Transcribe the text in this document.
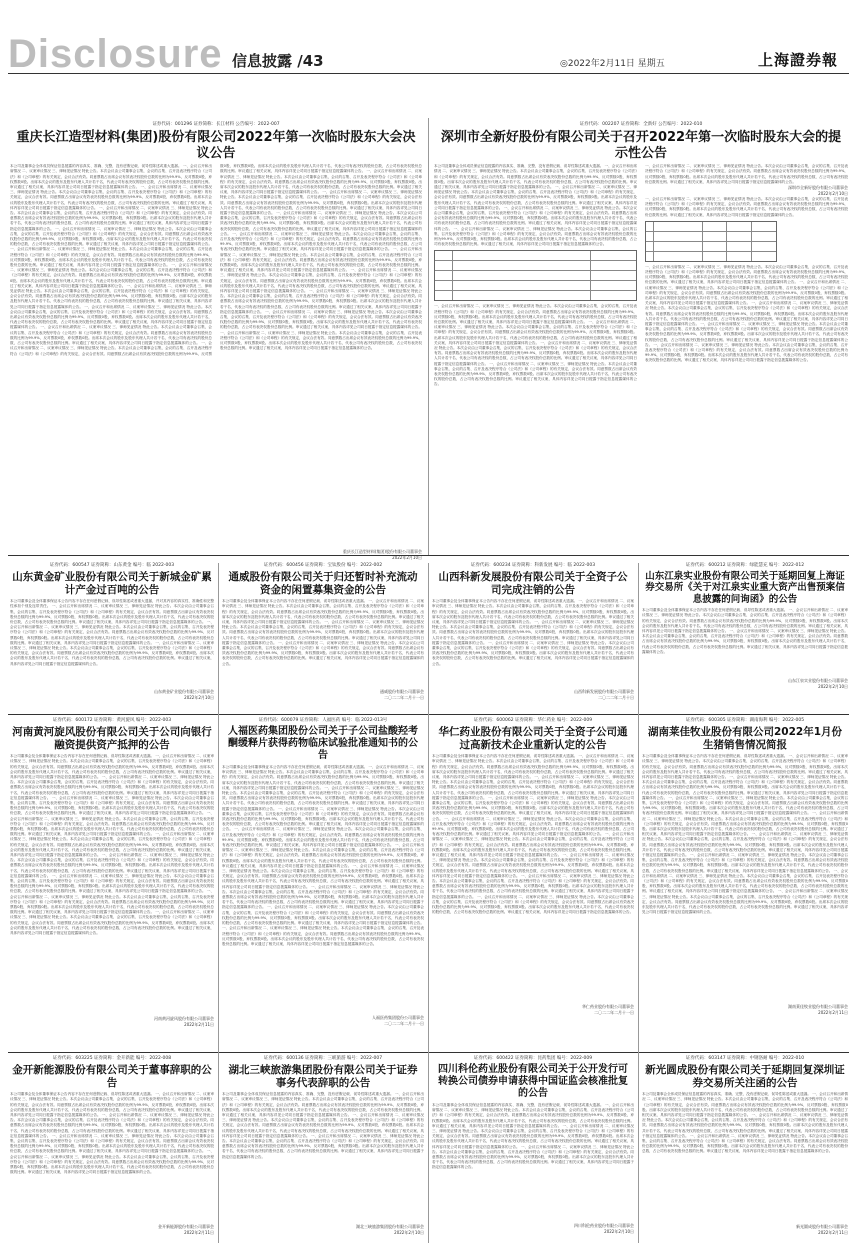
Disclosure 信息披露 /43	◎2022年2月11日 星期五	上海證券報
证券代码：001296 证券简称：长江材料 公告编号：2022-007
重庆长江造型材料(集团)股份有限公司2022年第一次临时股东大会决议公告
本公司及董事会全体成员保证信息披露的内容真实、准确、完整，没有虚假记载、误导性陈述或重大遗漏。 一、会议召开和出席情况 二、议案审议情况 三、律师见证情况 特此公告。本次会议由公司董事会召集，会议的召集、召开及表决程序符合《公司法》和《公司章程》的有关规定，会议合法有效。同意票数占出席会议有效表决权股份总数的比例为99.9%，反对票数0股，弃权票数0股。出席本次会议的股东及股东代理人共计若干名，代表公司有表决权的股份总数，占公司有表决权股份总数的比例。审议通过了相关议案，具体内容详见公司同日披露于指定信息披露媒体的公告。 一、会议召开和出席情况 二、议案审议情况 三、律师见证情况 特此公告。本次会议由公司董事会召集，会议的召集、召开及表决程序符合《公司法》和《公司章程》的有关规定，会议合法有效。同意票数占出席会议有效表决权股份总数的比例为99.9%，反对票数0股，弃权票数0股。出席本次会议的股东及股东代理人共计若干名，代表公司有表决权的股份总数，占公司有表决权股份总数的比例。审议通过了相关议案，具体内容详见公司同日披露于指定信息披露媒体的公告。 一、会议召开和出席情况 二、议案审议情况 三、律师见证情况 特此公告。本次会议由公司董事会召集，会议的召集、召开及表决程序符合《公司法》和《公司章程》的有关规定，会议合法有效。同意票数占出席会议有效表决权股份总数的比例为99.9%，反对票数0股，弃权票数0股。出席本次会议的股东及股东代理人共计若干名，代表公司有表决权的股份总数，占公司有表决权股份总数的比例。审议通过了相关议案，具体内容详见公司同日披露于指定信息披露媒体的公告。 一、会议召开和出席情况 二、议案审议情况 三、律师见证情况 特此公告。本次会议由公司董事会召集，会议的召集、召开及表决程序符合《公司法》和《公司章程》的有关规定，会议合法有效。同意票数占出席会议有效表决权股份总数的比例为99.9%，反对票数0股，弃权票数0股。出席本次会议的股东及股东代理人共计若干名，代表公司有表决权的股份总数，占公司有表决权股份总数的比例。审议通过了相关议案，具体内容详见公司同日披露于指定信息披露媒体的公告。 一、会议召开和出席情况 二、议案审议情况 三、律师见证情况 特此公告。本次会议由公司董事会召集，会议的召集、召开及表决程序符合《公司法》和《公司章程》的有关规定，会议合法有效。同意票数占出席会议有效表决权股份总数的比例为99.9%，反对票数0股，弃权票数0股。出席本次会议的股东及股东代理人共计若干名，代表公司有表决权的股份总数，占公司有表决权股份总数的比例。审议通过了相关议案，具体内容详见公司同日披露于指定信息披露媒体的公告。 一、会议召开和出席情况 二、议案审议情况 三、律师见证情况 特此公告。本次会议由公司董事会召集，会议的召集、召开及表决程序符合《公司法》和《公司章程》的有关规定，会议合法有效。同意票数占出席会议有效表决权股份总数的比例为99.9%，反对票数0股，弃权票数0股。出席本次会议的股东及股东代理人共计若干名，代表公司有表决权的股份总数，占公司有表决权股份总数的比例。审议通过了相关议案，具体内容详见公司同日披露于指定信息披露媒体的公告。 一、会议召开和出席情况 二、议案审议情况 三、律师见证情况 特此公告。本次会议由公司董事会召集，会议的召集、召开及表决程序符合《公司法》和《公司章程》的有关规定，会议合法有效。同意票数占出席会议有效表决权股份总数的比例为99.9%，反对票数0股，弃权票数0股。出席本次会议的股东及股东代理人共计若干名，代表公司有表决权的股份总数，占公司有表决权股份总数的比例。审议通过了相关议案，具体内容详见公司同日披露于指定信息披露媒体的公告。 一、会议召开和出席情况 二、议案审议情况 三、律师见证情况 特此公告。本次会议由公司董事会召集，会议的召集、召开及表决程序符合《公司法》和《公司章程》的有关规定，会议合法有效。同意票数占出席会议有效表决权股份总数的比例为99.9%，反对票数0股，弃权票数0股。出席本次会议的股东及股东代理人共计若干名，代表公司有表决权的股份总数，占公司有表决权股份总数的比例。审议通过了相关议案，具体内容详见公司同日披露于指定信息披露媒体的公告。 一、会议召开和出席情况 二、议案审议情况 三、律师见证情况 特此公告。本次会议由公司董事会召集，会议的召集、召开及表决程序符合《公司法》和《公司章程》的有关规定，会议合法有效。同意票数占出席会议有效表决权股份总数的比例为99.9%，反对票数0股，弃权票数0股。出席本次会议的股东及股东代理人共计若干名，代表公司有表决权的股份总数，占公司有表决权股份总数的比例。审议通过了相关议案，具体内容详见公司同日披露于指定信息披露媒体的公告。 一、会议召开和出席情况 二、议案审议情况 三、律师见证情况 特此公告。本次会议由公司董事会召集，会议的召集、召开及表决程序符合《公司法》和《公司章程》的有关规定，会议合法有效。同意票数占出席会议有效表决权股份总数的比例为99.9%，反对票数0股，弃权票数0股。出席本次会议的股东及股东代理人共计若干名，代表公司有表决权的股份总数，占公司有表决权股份总数的比例。审议通过了相关议案，具体内容详见公司同日披露于指定信息披露媒体的公告。 一、会议召开和出席情况 二、议案审议情况 三、律师见证情况 特此公告。本次会议由公司董事会召集，会议的召集、召开及表决程序符合《公司法》和《公司章程》的有关规定，会议合法有效。同意票数占出席会议有效表决权股份总数的比例为99.9%，反对票数0股，弃权票数0股。出席本次会议的股东及股东代理人共计若干名，代表公司有表决权的股份总数，占公司有表决权股份总数的比例。审议通过了相关议案，具体内容详见公司同日披露于指定信息披露媒体的公告。 一、会议召开和出席情况 二、议案审议情况 三、律师见证情况 特此公告。本次会议由公司董事会召集，会议的召集、召开及表决程序符合《公司法》和《公司章程》的有关规定，会议合法有效。同意票数占出席会议有效表决权股份总数的比例为99.9%，反对票数0股，弃权票数0股。出席本次会议的股东及股东代理人共计若干名，代表公司有表决权的股份总数，占公司有表决权股份总数的比例。审议通过了相关议案，具体内容详见公司同日披露于指定信息披露媒体的公告。 一、会议召开和出席情况 二、议案审议情况 三、律师见证情况 特此公告。本次会议由公司董事会召集，会议的召集、召开及表决程序符合《公司法》和《公司章程》的有关规定，会议合法有效。同意票数占出席会议有效表决权股份总数的比例为99.9%，反对票数0股，弃权票数0股。出席本次会议的股东及股东代理人共计若干名，代表公司有表决权的股份总数，占公司有表决权股份总数的比例。审议通过了相关议案，具体内容详见公司同日披露于指定信息披露媒体的公告。 一、会议召开和出席情况 二、议案审议情况 三、律师见证情况 特此公告。本次会议由公司董事会召集，会议的召集、召开及表决程序符合《公司法》和《公司章程》的有关规定，会议合法有效。同意票数占出席会议有效表决权股份总数的比例为99.9%，反对票数0股，弃权票数0股。出席本次会议的股东及股东代理人共计若干名，代表公司有表决权的股份总数，占公司有表决权股份总数的比例。审议通过了相关议案，具体内容详见公司同日披露于指定信息披露媒体的公告。 一、会议召开和出席情况 二、议案审议情况 三、律师见证情况 特此公告。本次会议由公司董事会召集，会议的召集、召开及表决程序符合《公司法》和《公司章程》的有关规定，会议合法有效。同意票数占出席会议有效表决权股份总数的比例为99.9%，反对票数0股，弃权票数0股。出席本次会议的股东及股东代理人共计若干名，代表公司有表决权的股份总数，占公司有表决权股份总数的比例。审议通过了相关议案，具体内容详见公司同日披露于指定信息披露媒体的公告。 一、会议召开和出席情况 二、议案审议情况 三、律师见证情况 特此公告。本次会议由公司董事会召集，会议的召集、召开及表决程序符合《公司法》和《公司章程》的有关规定，会议合法有效。同意票数占出席会议有效表决权股份总数的比例为99.9%，反对票数0股，弃权票数0股。出席本次会议的股东及股东代理人共计若干名，代表公司有表决权的股份总数，占公司有表决权股份总数的比例。审议通过了相关议案，具体内容详见公司同日披露于指定信息披露媒体的公告。 一、会议召开和出席情况 二、议案审议情况 三、律师见证情况 特此公告。本次会议由公司董事会召集，会议的召集、召开及表决程序符合《公司法》和《公司章程》的有关规定，会议合法有效。同意票数占出席会议有效表决权股份总数的比例为99.9%，反对票数0股，弃权票数0股。出席本次会议的股东及股东代理人共计若干名，代表公司有表决权的股份总数，占公司有表决权股份总数的比例。审议通过了相关议案，具体内容详见公司同日披露于指定信息披露媒体的公告。 一、会议召开和出席情况 二、议案审议情况 三、律师见证情况 特此公告。本次会议由公司董事会召集，会议的召集、召开及表决程序符合《公司法》和《公司章程》的有关规定，会议合法有效。同意票数占出席会议有效表决权股份总数的比例为99.9%，反对票数0股，弃权票数0股。出席本次会议的股东及股东代理人共计若干名，代表公司有表决权的股份总数，占公司有表决权股份总数的比例。审议通过了相关议案，具体内容详见公司同日披露于指定信息披露媒体的公告。 一、会议召开和出席情况 二、议案审议情况 三、律师见证情况 特此公告。本次会议由公司董事会召集，会议的召集、召开及表决程序符合《公司法》和《公司章程》的有关规定，会议合法有效。同意票数占出席会议有效表决权股份总数的比例为99.9%，反对票数0股，弃权票数0股。出席本次会议的股东及股东代理人共计若干名，代表公司有表决权的股份总数，占公司有表决权股份总数的比例。审议通过了相关议案，具体内容详见公司同日披露于指定信息披露媒体的公告。
重庆长江造型材料(集团)股份有限公司董事会
2022年2月10日
证券代码：002207 证券简称：全新好 公告编号：2022-010
深圳市全新好股份有限公司关于召开2022年第一次临时股东大会的提示性公告
本公司及董事会全体成员保证信息披露的内容真实、准确、完整，没有虚假记载、误导性陈述或重大遗漏。 一、会议召开和出席情况 二、议案审议情况 三、律师见证情况 特此公告。本次会议由公司董事会召集，会议的召集、召开及表决程序符合《公司法》和《公司章程》的有关规定，会议合法有效。同意票数占出席会议有效表决权股份总数的比例为99.9%，反对票数0股，弃权票数0股。出席本次会议的股东及股东代理人共计若干名，代表公司有表决权的股份总数，占公司有表决权股份总数的比例。审议通过了相关议案，具体内容详见公司同日披露于指定信息披露媒体的公告。 一、会议召开和出席情况 二、议案审议情况 三、律师见证情况 特此公告。本次会议由公司董事会召集，会议的召集、召开及表决程序符合《公司法》和《公司章程》的有关规定，会议合法有效。同意票数占出席会议有效表决权股份总数的比例为99.9%，反对票数0股，弃权票数0股。出席本次会议的股东及股东代理人共计若干名，代表公司有表决权的股份总数，占公司有表决权股份总数的比例。审议通过了相关议案，具体内容详见公司同日披露于指定信息披露媒体的公告。 一、会议召开和出席情况 二、议案审议情况 三、律师见证情况 特此公告。本次会议由公司董事会召集，会议的召集、召开及表决程序符合《公司法》和《公司章程》的有关规定，会议合法有效。同意票数占出席会议有效表决权股份总数的比例为99.9%，反对票数0股，弃权票数0股。出席本次会议的股东及股东代理人共计若干名，代表公司有表决权的股份总数，占公司有表决权股份总数的比例。审议通过了相关议案，具体内容详见公司同日披露于指定信息披露媒体的公告。 一、会议召开和出席情况 二、议案审议情况 三、律师见证情况 特此公告。本次会议由公司董事会召集，会议的召集、召开及表决程序符合《公司法》和《公司章程》的有关规定，会议合法有效。同意票数占出席会议有效表决权股份总数的比例为99.9%，反对票数0股，弃权票数0股。出席本次会议的股东及股东代理人共计若干名，代表公司有表决权的股份总数，占公司有表决权股份总数的比例。审议通过了相关议案，具体内容详见公司同日披露于指定信息披露媒体的公告。
一、会议召开和出席情况 二、议案审议情况 三、律师见证情况 特此公告。本次会议由公司董事会召集，会议的召集、召开及表决程序符合《公司法》和《公司章程》的有关规定，会议合法有效。同意票数占出席会议有效表决权股份总数的比例为99.9%，反对票数0股，弃权票数0股。出席本次会议的股东及股东代理人共计若干名，代表公司有表决权的股份总数，占公司有表决权股份总数的比例。审议通过了相关议案，具体内容详见公司同日披露于指定信息披露媒体的公告。 一、会议召开和出席情况 二、议案审议情况 三、律师见证情况 特此公告。本次会议由公司董事会召集，会议的召集、召开及表决程序符合《公司法》和《公司章程》的有关规定，会议合法有效。同意票数占出席会议有效表决权股份总数的比例为99.9%，反对票数0股，弃权票数0股。出席本次会议的股东及股东代理人共计若干名，代表公司有表决权的股份总数，占公司有表决权股份总数的比例。审议通过了相关议案，具体内容详见公司同日披露于指定信息披露媒体的公告。 一、会议召开和出席情况 二、议案审议情况 三、律师见证情况 特此公告。本次会议由公司董事会召集，会议的召集、召开及表决程序符合《公司法》和《公司章程》的有关规定，会议合法有效。同意票数占出席会议有效表决权股份总数的比例为99.9%，反对票数0股，弃权票数0股。出席本次会议的股东及股东代理人共计若干名，代表公司有表决权的股份总数，占公司有表决权股份总数的比例。审议通过了相关议案，具体内容详见公司同日披露于指定信息披露媒体的公告。 一、会议召开和出席情况 二、议案审议情况 三、律师见证情况 特此公告。本次会议由公司董事会召集，会议的召集、召开及表决程序符合《公司法》和《公司章程》的有关规定，会议合法有效。同意票数占出席会议有效表决权股份总数的比例为99.9%，反对票数0股，弃权票数0股。出席本次会议的股东及股东代理人共计若干名，代表公司有表决权的股份总数，占公司有表决权股份总数的比例。审议通过了相关议案，具体内容详见公司同日披露于指定信息披露媒体的公告。
一、会议召开和出席情况 二、议案审议情况 三、律师见证情况 特此公告。本次会议由公司董事会召集，会议的召集、召开及表决程序符合《公司法》和《公司章程》的有关规定，会议合法有效。同意票数占出席会议有效表决权股份总数的比例为99.9%，反对票数0股，弃权票数0股。出席本次会议的股东及股东代理人共计若干名，代表公司有表决权的股份总数，占公司有表决权股份总数的比例。审议通过了相关议案，具体内容详见公司同日披露于指定信息披露媒体的公告。
深圳市全新好股份有限公司董事会
2022年2月10日
一、会议召开和出席情况 二、议案审议情况 三、律师见证情况 特此公告。本次会议由公司董事会召集，会议的召集、召开及表决程序符合《公司法》和《公司章程》的有关规定，会议合法有效。同意票数占出席会议有效表决权股份总数的比例为99.9%，反对票数0股，弃权票数0股。出席本次会议的股东及股东代理人共计若干名，代表公司有表决权的股份总数，占公司有表决权股份总数的比例。审议通过了相关议案，具体内容详见公司同日披露于指定信息披露媒体的公告。
一、会议召开和出席情况 二、议案审议情况 三、律师见证情况 特此公告。本次会议由公司董事会召集，会议的召集、召开及表决程序符合《公司法》和《公司章程》的有关规定，会议合法有效。同意票数占出席会议有效表决权股份总数的比例为99.9%，反对票数0股，弃权票数0股。出席本次会议的股东及股东代理人共计若干名，代表公司有表决权的股份总数，占公司有表决权股份总数的比例。审议通过了相关议案，具体内容详见公司同日披露于指定信息披露媒体的公告。 一、会议召开和出席情况 二、议案审议情况 三、律师见证情况 特此公告。本次会议由公司董事会召集，会议的召集、召开及表决程序符合《公司法》和《公司章程》的有关规定，会议合法有效。同意票数占出席会议有效表决权股份总数的比例为99.9%，反对票数0股，弃权票数0股。出席本次会议的股东及股东代理人共计若干名，代表公司有表决权的股份总数，占公司有表决权股份总数的比例。审议通过了相关议案，具体内容详见公司同日披露于指定信息披露媒体的公告。 一、会议召开和出席情况 二、议案审议情况 三、律师见证情况 特此公告。本次会议由公司董事会召集，会议的召集、召开及表决程序符合《公司法》和《公司章程》的有关规定，会议合法有效。同意票数占出席会议有效表决权股份总数的比例为99.9%，反对票数0股，弃权票数0股。出席本次会议的股东及股东代理人共计若干名，代表公司有表决权的股份总数，占公司有表决权股份总数的比例。审议通过了相关议案，具体内容详见公司同日披露于指定信息披露媒体的公告。 一、会议召开和出席情况 二、议案审议情况 三、律师见证情况 特此公告。本次会议由公司董事会召集，会议的召集、召开及表决程序符合《公司法》和《公司章程》的有关规定，会议合法有效。同意票数占出席会议有效表决权股份总数的比例为99.9%，反对票数0股，弃权票数0股。出席本次会议的股东及股东代理人共计若干名，代表公司有表决权的股份总数，占公司有表决权股份总数的比例。审议通过了相关议案，具体内容详见公司同日披露于指定信息披露媒体的公告。 一、会议召开和出席情况 二、议案审议情况 三、律师见证情况 特此公告。本次会议由公司董事会召集，会议的召集、召开及表决程序符合《公司法》和《公司章程》的有关规定，会议合法有效。同意票数占出席会议有效表决权股份总数的比例为99.9%，反对票数0股，弃权票数0股。出席本次会议的股东及股东代理人共计若干名，代表公司有表决权的股份总数，占公司有表决权股份总数的比例。审议通过了相关议案，具体内容详见公司同日披露于指定信息披露媒体的公告。
证券代码：600547 证券简称：山东黄金 编号：临 2022-003
山东黄金矿业股份有限公司关于新城金矿累计产金过百吨的公告
本公司董事会及全体董事保证本公告内容不存在任何虚假记载、误导性陈述或者重大遗漏，并对其内容的真实性、准确性和完整性承担个别及连带责任。 一、会议召开和出席情况 二、议案审议情况 三、律师见证情况 特此公告。本次会议由公司董事会召集，会议的召集、召开及表决程序符合《公司法》和《公司章程》的有关规定，会议合法有效。同意票数占出席会议有效表决权股份总数的比例为99.9%，反对票数0股，弃权票数0股。出席本次会议的股东及股东代理人共计若干名，代表公司有表决权的股份总数，占公司有表决权股份总数的比例。审议通过了相关议案，具体内容详见公司同日披露于指定信息披露媒体的公告。 一、会议召开和出席情况 二、议案审议情况 三、律师见证情况 特此公告。本次会议由公司董事会召集，会议的召集、召开及表决程序符合《公司法》和《公司章程》的有关规定，会议合法有效。同意票数占出席会议有效表决权股份总数的比例为99.9%，反对票数0股，弃权票数0股。出席本次会议的股东及股东代理人共计若干名，代表公司有表决权的股份总数，占公司有表决权股份总数的比例。审议通过了相关议案，具体内容详见公司同日披露于指定信息披露媒体的公告。 一、会议召开和出席情况 二、议案审议情况 三、律师见证情况 特此公告。本次会议由公司董事会召集，会议的召集、召开及表决程序符合《公司法》和《公司章程》的有关规定，会议合法有效。同意票数占出席会议有效表决权股份总数的比例为99.9%，反对票数0股，弃权票数0股。出席本次会议的股东及股东代理人共计若干名，代表公司有表决权的股份总数，占公司有表决权股份总数的比例。审议通过了相关议案，具体内容详见公司同日披露于指定信息披露媒体的公告。
山东黄金矿业股份有限公司董事会
2022年2月10日
证券代码：600456 证券简称：宝钛股份 编号：2022-002
通威股份有限公司关于归还暂时补充流动资金的闲置募集资金的公告
本公司董事会及全体董事保证本公告内容不存在任何虚假记载、误导性陈述或者重大遗漏。 一、会议召开和出席情况 二、议案审议情况 三、律师见证情况 特此公告。本次会议由公司董事会召集，会议的召集、召开及表决程序符合《公司法》和《公司章程》的有关规定，会议合法有效。同意票数占出席会议有效表决权股份总数的比例为99.9%，反对票数0股，弃权票数0股。出席本次会议的股东及股东代理人共计若干名，代表公司有表决权的股份总数，占公司有表决权股份总数的比例。审议通过了相关议案，具体内容详见公司同日披露于指定信息披露媒体的公告。 一、会议召开和出席情况 二、议案审议情况 三、律师见证情况 特此公告。本次会议由公司董事会召集，会议的召集、召开及表决程序符合《公司法》和《公司章程》的有关规定，会议合法有效。同意票数占出席会议有效表决权股份总数的比例为99.9%，反对票数0股，弃权票数0股。出席本次会议的股东及股东代理人共计若干名，代表公司有表决权的股份总数，占公司有表决权股份总数的比例。审议通过了相关议案，具体内容详见公司同日披露于指定信息披露媒体的公告。 一、会议召开和出席情况 二、议案审议情况 三、律师见证情况 特此公告。本次会议由公司董事会召集，会议的召集、召开及表决程序符合《公司法》和《公司章程》的有关规定，会议合法有效。同意票数占出席会议有效表决权股份总数的比例为99.9%，反对票数0股，弃权票数0股。出席本次会议的股东及股东代理人共计若干名，代表公司有表决权的股份总数，占公司有表决权股份总数的比例。审议通过了相关议案，具体内容详见公司同日披露于指定信息披露媒体的公告。
通威股份有限公司董事会
二〇二二年二月十一日
证券代码：600234 证券简称：科新发展 编号：临 2022-003
山西科新发展股份有限公司关于全资子公司完成注销的公告
本公司董事会及全体董事保证本公告内容不存在任何虚假记载、误导性陈述或者重大遗漏。 一、会议召开和出席情况 二、议案审议情况 三、律师见证情况 特此公告。本次会议由公司董事会召集，会议的召集、召开及表决程序符合《公司法》和《公司章程》的有关规定，会议合法有效。同意票数占出席会议有效表决权股份总数的比例为99.9%，反对票数0股，弃权票数0股。出席本次会议的股东及股东代理人共计若干名，代表公司有表决权的股份总数，占公司有表决权股份总数的比例。审议通过了相关议案，具体内容详见公司同日披露于指定信息披露媒体的公告。 一、会议召开和出席情况 二、议案审议情况 三、律师见证情况 特此公告。本次会议由公司董事会召集，会议的召集、召开及表决程序符合《公司法》和《公司章程》的有关规定，会议合法有效。同意票数占出席会议有效表决权股份总数的比例为99.9%，反对票数0股，弃权票数0股。出席本次会议的股东及股东代理人共计若干名，代表公司有表决权的股份总数，占公司有表决权股份总数的比例。审议通过了相关议案，具体内容详见公司同日披露于指定信息披露媒体的公告。 一、会议召开和出席情况 二、议案审议情况 三、律师见证情况 特此公告。本次会议由公司董事会召集，会议的召集、召开及表决程序符合《公司法》和《公司章程》的有关规定，会议合法有效。同意票数占出席会议有效表决权股份总数的比例为99.9%，反对票数0股，弃权票数0股。出席本次会议的股东及股东代理人共计若干名，代表公司有表决权的股份总数，占公司有表决权股份总数的比例。审议通过了相关议案，具体内容详见公司同日披露于指定信息披露媒体的公告。
山西科新发展股份有限公司董事会
二〇二二年二月十日
证券代码：600212 证券简称：绿能慧充 编号：2022-012
山东江泉实业股份有限公司关于延期回复上海证券交易所《关于对江泉实业重大资产出售预案信息披露的问询函》的公告
本公司董事会及全体董事保证本公告内容不存在任何虚假记载、误导性陈述或者重大遗漏。 一、会议召开和出席情况 二、议案审议情况 三、律师见证情况 特此公告。本次会议由公司董事会召集，会议的召集、召开及表决程序符合《公司法》和《公司章程》的有关规定，会议合法有效。同意票数占出席会议有效表决权股份总数的比例为99.9%，反对票数0股，弃权票数0股。出席本次会议的股东及股东代理人共计若干名，代表公司有表决权的股份总数，占公司有表决权股份总数的比例。审议通过了相关议案，具体内容详见公司同日披露于指定信息披露媒体的公告。 一、会议召开和出席情况 二、议案审议情况 三、律师见证情况 特此公告。本次会议由公司董事会召集，会议的召集、召开及表决程序符合《公司法》和《公司章程》的有关规定，会议合法有效。同意票数占出席会议有效表决权股份总数的比例为99.9%，反对票数0股，弃权票数0股。出席本次会议的股东及股东代理人共计若干名，代表公司有表决权的股份总数，占公司有表决权股份总数的比例。审议通过了相关议案，具体内容详见公司同日披露于指定信息披露媒体的公告。
山东江泉实业股份有限公司董事会
2022年2月10日
证券代码：600172 证券简称：黄河旋风 编号：2022-003
河南黄河旋风股份有限公司关于公司向银行融资提供资产抵押的公告
本公司董事会及全体董事保证本公告内容不存在任何虚假记载、误导性陈述或者重大遗漏。 一、会议召开和出席情况 二、议案审议情况 三、律师见证情况 特此公告。本次会议由公司董事会召集，会议的召集、召开及表决程序符合《公司法》和《公司章程》的有关规定，会议合法有效。同意票数占出席会议有效表决权股份总数的比例为99.9%，反对票数0股，弃权票数0股。出席本次会议的股东及股东代理人共计若干名，代表公司有表决权的股份总数，占公司有表决权股份总数的比例。审议通过了相关议案，具体内容详见公司同日披露于指定信息披露媒体的公告。 一、会议召开和出席情况 二、议案审议情况 三、律师见证情况 特此公告。本次会议由公司董事会召集，会议的召集、召开及表决程序符合《公司法》和《公司章程》的有关规定，会议合法有效。同意票数占出席会议有效表决权股份总数的比例为99.9%，反对票数0股，弃权票数0股。出席本次会议的股东及股东代理人共计若干名，代表公司有表决权的股份总数，占公司有表决权股份总数的比例。审议通过了相关议案，具体内容详见公司同日披露于指定信息披露媒体的公告。 一、会议召开和出席情况 二、议案审议情况 三、律师见证情况 特此公告。本次会议由公司董事会召集，会议的召集、召开及表决程序符合《公司法》和《公司章程》的有关规定，会议合法有效。同意票数占出席会议有效表决权股份总数的比例为99.9%，反对票数0股，弃权票数0股。出席本次会议的股东及股东代理人共计若干名，代表公司有表决权的股份总数，占公司有表决权股份总数的比例。审议通过了相关议案，具体内容详见公司同日披露于指定信息披露媒体的公告。 一、会议召开和出席情况 二、议案审议情况 三、律师见证情况 特此公告。本次会议由公司董事会召集，会议的召集、召开及表决程序符合《公司法》和《公司章程》的有关规定，会议合法有效。同意票数占出席会议有效表决权股份总数的比例为99.9%，反对票数0股，弃权票数0股。出席本次会议的股东及股东代理人共计若干名，代表公司有表决权的股份总数，占公司有表决权股份总数的比例。审议通过了相关议案，具体内容详见公司同日披露于指定信息披露媒体的公告。 一、会议召开和出席情况 二、议案审议情况 三、律师见证情况 特此公告。本次会议由公司董事会召集，会议的召集、召开及表决程序符合《公司法》和《公司章程》的有关规定，会议合法有效。同意票数占出席会议有效表决权股份总数的比例为99.9%，反对票数0股，弃权票数0股。出席本次会议的股东及股东代理人共计若干名，代表公司有表决权的股份总数，占公司有表决权股份总数的比例。审议通过了相关议案，具体内容详见公司同日披露于指定信息披露媒体的公告。 一、会议召开和出席情况 二、议案审议情况 三、律师见证情况 特此公告。本次会议由公司董事会召集，会议的召集、召开及表决程序符合《公司法》和《公司章程》的有关规定，会议合法有效。同意票数占出席会议有效表决权股份总数的比例为99.9%，反对票数0股，弃权票数0股。出席本次会议的股东及股东代理人共计若干名，代表公司有表决权的股份总数，占公司有表决权股份总数的比例。审议通过了相关议案，具体内容详见公司同日披露于指定信息披露媒体的公告。 一、会议召开和出席情况 二、议案审议情况 三、律师见证情况 特此公告。本次会议由公司董事会召集，会议的召集、召开及表决程序符合《公司法》和《公司章程》的有关规定，会议合法有效。同意票数占出席会议有效表决权股份总数的比例为99.9%，反对票数0股，弃权票数0股。出席本次会议的股东及股东代理人共计若干名，代表公司有表决权的股份总数，占公司有表决权股份总数的比例。审议通过了相关议案，具体内容详见公司同日披露于指定信息披露媒体的公告。 一、会议召开和出席情况 二、议案审议情况 三、律师见证情况 特此公告。本次会议由公司董事会召集，会议的召集、召开及表决程序符合《公司法》和《公司章程》的有关规定，会议合法有效。同意票数占出席会议有效表决权股份总数的比例为99.9%，反对票数0股，弃权票数0股。出席本次会议的股东及股东代理人共计若干名，代表公司有表决权的股份总数，占公司有表决权股份总数的比例。审议通过了相关议案，具体内容详见公司同日披露于指定信息披露媒体的公告。 一、会议召开和出席情况 二、议案审议情况 三、律师见证情况 特此公告。本次会议由公司董事会召集，会议的召集、召开及表决程序符合《公司法》和《公司章程》的有关规定，会议合法有效。同意票数占出席会议有效表决权股份总数的比例为99.9%，反对票数0股，弃权票数0股。出席本次会议的股东及股东代理人共计若干名，代表公司有表决权的股份总数，占公司有表决权股份总数的比例。审议通过了相关议案，具体内容详见公司同日披露于指定信息披露媒体的公告。
河南黄河旋风股份有限公司董事会
2022年2月11日
证券代码：600079 证券简称：人福医药 编号：临 2022-013号
人福医药集团股份公司关于子公司盐酸羟考酮缓释片获得药物临床试验批准通知书的公告
本公司董事会及全体董事保证本公告内容不存在任何虚假记载、误导性陈述或者重大遗漏。 一、会议召开和出席情况 二、议案审议情况 三、律师见证情况 特此公告。本次会议由公司董事会召集，会议的召集、召开及表决程序符合《公司法》和《公司章程》的有关规定，会议合法有效。同意票数占出席会议有效表决权股份总数的比例为99.9%，反对票数0股，弃权票数0股。出席本次会议的股东及股东代理人共计若干名，代表公司有表决权的股份总数，占公司有表决权股份总数的比例。审议通过了相关议案，具体内容详见公司同日披露于指定信息披露媒体的公告。 一、会议召开和出席情况 二、议案审议情况 三、律师见证情况 特此公告。本次会议由公司董事会召集，会议的召集、召开及表决程序符合《公司法》和《公司章程》的有关规定，会议合法有效。同意票数占出席会议有效表决权股份总数的比例为99.9%，反对票数0股，弃权票数0股。出席本次会议的股东及股东代理人共计若干名，代表公司有表决权的股份总数，占公司有表决权股份总数的比例。审议通过了相关议案，具体内容详见公司同日披露于指定信息披露媒体的公告。 一、会议召开和出席情况 二、议案审议情况 三、律师见证情况 特此公告。本次会议由公司董事会召集，会议的召集、召开及表决程序符合《公司法》和《公司章程》的有关规定，会议合法有效。同意票数占出席会议有效表决权股份总数的比例为99.9%，反对票数0股，弃权票数0股。出席本次会议的股东及股东代理人共计若干名，代表公司有表决权的股份总数，占公司有表决权股份总数的比例。审议通过了相关议案，具体内容详见公司同日披露于指定信息披露媒体的公告。 一、会议召开和出席情况 二、议案审议情况 三、律师见证情况 特此公告。本次会议由公司董事会召集，会议的召集、召开及表决程序符合《公司法》和《公司章程》的有关规定，会议合法有效。同意票数占出席会议有效表决权股份总数的比例为99.9%，反对票数0股，弃权票数0股。出席本次会议的股东及股东代理人共计若干名，代表公司有表决权的股份总数，占公司有表决权股份总数的比例。审议通过了相关议案，具体内容详见公司同日披露于指定信息披露媒体的公告。 一、会议召开和出席情况 二、议案审议情况 三、律师见证情况 特此公告。本次会议由公司董事会召集，会议的召集、召开及表决程序符合《公司法》和《公司章程》的有关规定，会议合法有效。同意票数占出席会议有效表决权股份总数的比例为99.9%，反对票数0股，弃权票数0股。出席本次会议的股东及股东代理人共计若干名，代表公司有表决权的股份总数，占公司有表决权股份总数的比例。审议通过了相关议案，具体内容详见公司同日披露于指定信息披露媒体的公告。 一、会议召开和出席情况 二、议案审议情况 三、律师见证情况 特此公告。本次会议由公司董事会召集，会议的召集、召开及表决程序符合《公司法》和《公司章程》的有关规定，会议合法有效。同意票数占出席会议有效表决权股份总数的比例为99.9%，反对票数0股，弃权票数0股。出席本次会议的股东及股东代理人共计若干名，代表公司有表决权的股份总数，占公司有表决权股份总数的比例。审议通过了相关议案，具体内容详见公司同日披露于指定信息披露媒体的公告。 一、会议召开和出席情况 二、议案审议情况 三、律师见证情况 特此公告。本次会议由公司董事会召集，会议的召集、召开及表决程序符合《公司法》和《公司章程》的有关规定，会议合法有效。同意票数占出席会议有效表决权股份总数的比例为99.9%，反对票数0股，弃权票数0股。出席本次会议的股东及股东代理人共计若干名，代表公司有表决权的股份总数，占公司有表决权股份总数的比例。审议通过了相关议案，具体内容详见公司同日披露于指定信息披露媒体的公告。 一、会议召开和出席情况 二、议案审议情况 三、律师见证情况 特此公告。本次会议由公司董事会召集，会议的召集、召开及表决程序符合《公司法》和《公司章程》的有关规定，会议合法有效。同意票数占出席会议有效表决权股份总数的比例为99.9%，反对票数0股，弃权票数0股。出席本次会议的股东及股东代理人共计若干名，代表公司有表决权的股份总数，占公司有表决权股份总数的比例。审议通过了相关议案，具体内容详见公司同日披露于指定信息披露媒体的公告。 一、会议召开和出席情况 二、议案审议情况 三、律师见证情况 特此公告。本次会议由公司董事会召集，会议的召集、召开及表决程序符合《公司法》和《公司章程》的有关规定，会议合法有效。同意票数占出席会议有效表决权股份总数的比例为99.9%，反对票数0股，弃权票数0股。出席本次会议的股东及股东代理人共计若干名，代表公司有表决权的股份总数，占公司有表决权股份总数的比例。审议通过了相关议案，具体内容详见公司同日披露于指定信息披露媒体的公告。
人福医药集团股份公司董事会
二〇二二年二月十一日
证券代码：600062 证券简称：华仁药业 编号：2022-009
华仁药业股份有限公司关于全资子公司通过高新技术企业重新认定的公告
本公司董事会及全体董事保证本公告内容不存在任何虚假记载、误导性陈述或者重大遗漏。 一、会议召开和出席情况 二、议案审议情况 三、律师见证情况 特此公告。本次会议由公司董事会召集，会议的召集、召开及表决程序符合《公司法》和《公司章程》的有关规定，会议合法有效。同意票数占出席会议有效表决权股份总数的比例为99.9%，反对票数0股，弃权票数0股。出席本次会议的股东及股东代理人共计若干名，代表公司有表决权的股份总数，占公司有表决权股份总数的比例。审议通过了相关议案，具体内容详见公司同日披露于指定信息披露媒体的公告。 一、会议召开和出席情况 二、议案审议情况 三、律师见证情况 特此公告。本次会议由公司董事会召集，会议的召集、召开及表决程序符合《公司法》和《公司章程》的有关规定，会议合法有效。同意票数占出席会议有效表决权股份总数的比例为99.9%，反对票数0股，弃权票数0股。出席本次会议的股东及股东代理人共计若干名，代表公司有表决权的股份总数，占公司有表决权股份总数的比例。审议通过了相关议案，具体内容详见公司同日披露于指定信息披露媒体的公告。 一、会议召开和出席情况 二、议案审议情况 三、律师见证情况 特此公告。本次会议由公司董事会召集，会议的召集、召开及表决程序符合《公司法》和《公司章程》的有关规定，会议合法有效。同意票数占出席会议有效表决权股份总数的比例为99.9%，反对票数0股，弃权票数0股。出席本次会议的股东及股东代理人共计若干名，代表公司有表决权的股份总数，占公司有表决权股份总数的比例。审议通过了相关议案，具体内容详见公司同日披露于指定信息披露媒体的公告。 一、会议召开和出席情况 二、议案审议情况 三、律师见证情况 特此公告。本次会议由公司董事会召集，会议的召集、召开及表决程序符合《公司法》和《公司章程》的有关规定，会议合法有效。同意票数占出席会议有效表决权股份总数的比例为99.9%，反对票数0股，弃权票数0股。出席本次会议的股东及股东代理人共计若干名，代表公司有表决权的股份总数，占公司有表决权股份总数的比例。审议通过了相关议案，具体内容详见公司同日披露于指定信息披露媒体的公告。 一、会议召开和出席情况 二、议案审议情况 三、律师见证情况 特此公告。本次会议由公司董事会召集，会议的召集、召开及表决程序符合《公司法》和《公司章程》的有关规定，会议合法有效。同意票数占出席会议有效表决权股份总数的比例为99.9%，反对票数0股，弃权票数0股。出席本次会议的股东及股东代理人共计若干名，代表公司有表决权的股份总数，占公司有表决权股份总数的比例。审议通过了相关议案，具体内容详见公司同日披露于指定信息披露媒体的公告。 一、会议召开和出席情况 二、议案审议情况 三、律师见证情况 特此公告。本次会议由公司董事会召集，会议的召集、召开及表决程序符合《公司法》和《公司章程》的有关规定，会议合法有效。同意票数占出席会议有效表决权股份总数的比例为99.9%，反对票数0股，弃权票数0股。出席本次会议的股东及股东代理人共计若干名，代表公司有表决权的股份总数，占公司有表决权股份总数的比例。审议通过了相关议案，具体内容详见公司同日披露于指定信息披露媒体的公告。 一、会议召开和出席情况 二、议案审议情况 三、律师见证情况 特此公告。本次会议由公司董事会召集，会议的召集、召开及表决程序符合《公司法》和《公司章程》的有关规定，会议合法有效。同意票数占出席会议有效表决权股份总数的比例为99.9%，反对票数0股，弃权票数0股。出席本次会议的股东及股东代理人共计若干名，代表公司有表决权的股份总数，占公司有表决权股份总数的比例。审议通过了相关议案，具体内容详见公司同日披露于指定信息披露媒体的公告。 一、会议召开和出席情况 二、议案审议情况 三、律师见证情况 特此公告。本次会议由公司董事会召集，会议的召集、召开及表决程序符合《公司法》和《公司章程》的有关规定，会议合法有效。同意票数占出席会议有效表决权股份总数的比例为99.9%，反对票数0股，弃权票数0股。出席本次会议的股东及股东代理人共计若干名，代表公司有表决权的股份总数，占公司有表决权股份总数的比例。审议通过了相关议案，具体内容详见公司同日披露于指定信息披露媒体的公告。
华仁药业股份有限公司董事会
二〇二二年二月十一日
证券代码：600305 证券简称：湖南海利 编号：2022-005
湖南莱佳牧业股份有限公司2022年1月份生猪销售情况简报
本公司董事会及全体董事保证本公告内容不存在任何虚假记载、误导性陈述或者重大遗漏。 一、会议召开和出席情况 二、议案审议情况 三、律师见证情况 特此公告。本次会议由公司董事会召集，会议的召集、召开及表决程序符合《公司法》和《公司章程》的有关规定，会议合法有效。同意票数占出席会议有效表决权股份总数的比例为99.9%，反对票数0股，弃权票数0股。出席本次会议的股东及股东代理人共计若干名，代表公司有表决权的股份总数，占公司有表决权股份总数的比例。审议通过了相关议案，具体内容详见公司同日披露于指定信息披露媒体的公告。 一、会议召开和出席情况 二、议案审议情况 三、律师见证情况 特此公告。本次会议由公司董事会召集，会议的召集、召开及表决程序符合《公司法》和《公司章程》的有关规定，会议合法有效。同意票数占出席会议有效表决权股份总数的比例为99.9%，反对票数0股，弃权票数0股。出席本次会议的股东及股东代理人共计若干名，代表公司有表决权的股份总数，占公司有表决权股份总数的比例。审议通过了相关议案，具体内容详见公司同日披露于指定信息披露媒体的公告。 一、会议召开和出席情况 二、议案审议情况 三、律师见证情况 特此公告。本次会议由公司董事会召集，会议的召集、召开及表决程序符合《公司法》和《公司章程》的有关规定，会议合法有效。同意票数占出席会议有效表决权股份总数的比例为99.9%，反对票数0股，弃权票数0股。出席本次会议的股东及股东代理人共计若干名，代表公司有表决权的股份总数，占公司有表决权股份总数的比例。审议通过了相关议案，具体内容详见公司同日披露于指定信息披露媒体的公告。 一、会议召开和出席情况 二、议案审议情况 三、律师见证情况 特此公告。本次会议由公司董事会召集，会议的召集、召开及表决程序符合《公司法》和《公司章程》的有关规定，会议合法有效。同意票数占出席会议有效表决权股份总数的比例为99.9%，反对票数0股，弃权票数0股。出席本次会议的股东及股东代理人共计若干名，代表公司有表决权的股份总数，占公司有表决权股份总数的比例。审议通过了相关议案，具体内容详见公司同日披露于指定信息披露媒体的公告。 一、会议召开和出席情况 二、议案审议情况 三、律师见证情况 特此公告。本次会议由公司董事会召集，会议的召集、召开及表决程序符合《公司法》和《公司章程》的有关规定，会议合法有效。同意票数占出席会议有效表决权股份总数的比例为99.9%，反对票数0股，弃权票数0股。出席本次会议的股东及股东代理人共计若干名，代表公司有表决权的股份总数，占公司有表决权股份总数的比例。审议通过了相关议案，具体内容详见公司同日披露于指定信息披露媒体的公告。 一、会议召开和出席情况 二、议案审议情况 三、律师见证情况 特此公告。本次会议由公司董事会召集，会议的召集、召开及表决程序符合《公司法》和《公司章程》的有关规定，会议合法有效。同意票数占出席会议有效表决权股份总数的比例为99.9%，反对票数0股，弃权票数0股。出席本次会议的股东及股东代理人共计若干名，代表公司有表决权的股份总数，占公司有表决权股份总数的比例。审议通过了相关议案，具体内容详见公司同日披露于指定信息披露媒体的公告。 一、会议召开和出席情况 二、议案审议情况 三、律师见证情况 特此公告。本次会议由公司董事会召集，会议的召集、召开及表决程序符合《公司法》和《公司章程》的有关规定，会议合法有效。同意票数占出席会议有效表决权股份总数的比例为99.9%，反对票数0股，弃权票数0股。出席本次会议的股东及股东代理人共计若干名，代表公司有表决权的股份总数，占公司有表决权股份总数的比例。审议通过了相关议案，具体内容详见公司同日披露于指定信息披露媒体的公告。 一、会议召开和出席情况 二、议案审议情况 三、律师见证情况 特此公告。本次会议由公司董事会召集，会议的召集、召开及表决程序符合《公司法》和《公司章程》的有关规定，会议合法有效。同意票数占出席会议有效表决权股份总数的比例为99.9%，反对票数0股，弃权票数0股。出席本次会议的股东及股东代理人共计若干名，代表公司有表决权的股份总数，占公司有表决权股份总数的比例。审议通过了相关议案，具体内容详见公司同日披露于指定信息披露媒体的公告。
湖南莱佳牧业股份有限公司董事会
2022年2月11日
证券代码：603225 证券简称：金开新能 编号：2022-008
金开新能源股份有限公司关于董事辞职的公告
本公司董事会及全体董事保证本公告内容不存在任何虚假记载、误导性陈述或者重大遗漏。 一、会议召开和出席情况 二、议案审议情况 三、律师见证情况 特此公告。本次会议由公司董事会召集，会议的召集、召开及表决程序符合《公司法》和《公司章程》的有关规定，会议合法有效。同意票数占出席会议有效表决权股份总数的比例为99.9%，反对票数0股，弃权票数0股。出席本次会议的股东及股东代理人共计若干名，代表公司有表决权的股份总数，占公司有表决权股份总数的比例。审议通过了相关议案，具体内容详见公司同日披露于指定信息披露媒体的公告。 一、会议召开和出席情况 二、议案审议情况 三、律师见证情况 特此公告。本次会议由公司董事会召集，会议的召集、召开及表决程序符合《公司法》和《公司章程》的有关规定，会议合法有效。同意票数占出席会议有效表决权股份总数的比例为99.9%，反对票数0股，弃权票数0股。出席本次会议的股东及股东代理人共计若干名，代表公司有表决权的股份总数，占公司有表决权股份总数的比例。审议通过了相关议案，具体内容详见公司同日披露于指定信息披露媒体的公告。 一、会议召开和出席情况 二、议案审议情况 三、律师见证情况 特此公告。本次会议由公司董事会召集，会议的召集、召开及表决程序符合《公司法》和《公司章程》的有关规定，会议合法有效。同意票数占出席会议有效表决权股份总数的比例为99.9%，反对票数0股，弃权票数0股。出席本次会议的股东及股东代理人共计若干名，代表公司有表决权的股份总数，占公司有表决权股份总数的比例。审议通过了相关议案，具体内容详见公司同日披露于指定信息披露媒体的公告。 一、会议召开和出席情况 二、议案审议情况 三、律师见证情况 特此公告。本次会议由公司董事会召集，会议的召集、召开及表决程序符合《公司法》和《公司章程》的有关规定，会议合法有效。同意票数占出席会议有效表决权股份总数的比例为99.9%，反对票数0股，弃权票数0股。出席本次会议的股东及股东代理人共计若干名，代表公司有表决权的股份总数，占公司有表决权股份总数的比例。审议通过了相关议案，具体内容详见公司同日披露于指定信息披露媒体的公告。
金开新能源股份有限公司董事会
2022年2月11日
证券代码：600136 证券简称：三峡旅游 编号：2022-007
湖北三峡旅游集团股份有限公司关于证券事务代表辞职的公告
本公司及董事会全体成员保证信息披露的内容真实、准确、完整，没有虚假记载、误导性陈述或重大遗漏。 一、会议召开和出席情况 二、议案审议情况 三、律师见证情况 特此公告。本次会议由公司董事会召集，会议的召集、召开及表决程序符合《公司法》和《公司章程》的有关规定，会议合法有效。同意票数占出席会议有效表决权股份总数的比例为99.9%，反对票数0股，弃权票数0股。出席本次会议的股东及股东代理人共计若干名，代表公司有表决权的股份总数，占公司有表决权股份总数的比例。审议通过了相关议案，具体内容详见公司同日披露于指定信息披露媒体的公告。 一、会议召开和出席情况 二、议案审议情况 三、律师见证情况 特此公告。本次会议由公司董事会召集，会议的召集、召开及表决程序符合《公司法》和《公司章程》的有关规定，会议合法有效。同意票数占出席会议有效表决权股份总数的比例为99.9%，反对票数0股，弃权票数0股。出席本次会议的股东及股东代理人共计若干名，代表公司有表决权的股份总数，占公司有表决权股份总数的比例。审议通过了相关议案，具体内容详见公司同日披露于指定信息披露媒体的公告。 一、会议召开和出席情况 二、议案审议情况 三、律师见证情况 特此公告。本次会议由公司董事会召集，会议的召集、召开及表决程序符合《公司法》和《公司章程》的有关规定，会议合法有效。同意票数占出席会议有效表决权股份总数的比例为99.9%，反对票数0股，弃权票数0股。出席本次会议的股东及股东代理人共计若干名，代表公司有表决权的股份总数，占公司有表决权股份总数的比例。审议通过了相关议案，具体内容详见公司同日披露于指定信息披露媒体的公告。
湖北三峡旅游集团股份有限公司董事会
2022年2月10日
证券代码：600422 证券简称：昆药集团 编号：2022-009
四川科伦药业股份有限公司关于公开发行可转换公司债券申请获得中国证监会核准批复的公告
本公司及董事会全体成员保证信息披露的内容真实、准确、完整，没有虚假记载、误导性陈述或重大遗漏。 一、会议召开和出席情况 二、议案审议情况 三、律师见证情况 特此公告。本次会议由公司董事会召集，会议的召集、召开及表决程序符合《公司法》和《公司章程》的有关规定，会议合法有效。同意票数占出席会议有效表决权股份总数的比例为99.9%，反对票数0股，弃权票数0股。出席本次会议的股东及股东代理人共计若干名，代表公司有表决权的股份总数，占公司有表决权股份总数的比例。审议通过了相关议案，具体内容详见公司同日披露于指定信息披露媒体的公告。 一、会议召开和出席情况 二、议案审议情况 三、律师见证情况 特此公告。本次会议由公司董事会召集，会议的召集、召开及表决程序符合《公司法》和《公司章程》的有关规定，会议合法有效。同意票数占出席会议有效表决权股份总数的比例为99.9%，反对票数0股，弃权票数0股。出席本次会议的股东及股东代理人共计若干名，代表公司有表决权的股份总数，占公司有表决权股份总数的比例。审议通过了相关议案，具体内容详见公司同日披露于指定信息披露媒体的公告。 一、会议召开和出席情况 二、议案审议情况 三、律师见证情况 特此公告。本次会议由公司董事会召集，会议的召集、召开及表决程序符合《公司法》和《公司章程》的有关规定，会议合法有效。同意票数占出席会议有效表决权股份总数的比例为99.9%，反对票数0股，弃权票数0股。出席本次会议的股东及股东代理人共计若干名，代表公司有表决权的股份总数，占公司有表决权股份总数的比例。审议通过了相关议案，具体内容详见公司同日披露于指定信息披露媒体的公告。
四川科伦药业股份有限公司董事会
2022年2月10日
证券代码：603147 证券简称：中钢洛耐 编号：2022-010
新光圆成股份有限公司关于延期回复深圳证券交易所关注函的公告
本公司及董事会全体成员保证信息披露的内容真实、准确、完整，没有虚假记载、误导性陈述或重大遗漏。 一、会议召开和出席情况 二、议案审议情况 三、律师见证情况 特此公告。本次会议由公司董事会召集，会议的召集、召开及表决程序符合《公司法》和《公司章程》的有关规定，会议合法有效。同意票数占出席会议有效表决权股份总数的比例为99.9%，反对票数0股，弃权票数0股。出席本次会议的股东及股东代理人共计若干名，代表公司有表决权的股份总数，占公司有表决权股份总数的比例。审议通过了相关议案，具体内容详见公司同日披露于指定信息披露媒体的公告。 一、会议召开和出席情况 二、议案审议情况 三、律师见证情况 特此公告。本次会议由公司董事会召集，会议的召集、召开及表决程序符合《公司法》和《公司章程》的有关规定，会议合法有效。同意票数占出席会议有效表决权股份总数的比例为99.9%，反对票数0股，弃权票数0股。出席本次会议的股东及股东代理人共计若干名，代表公司有表决权的股份总数，占公司有表决权股份总数的比例。审议通过了相关议案，具体内容详见公司同日披露于指定信息披露媒体的公告。 一、会议召开和出席情况 二、议案审议情况 三、律师见证情况 特此公告。本次会议由公司董事会召集，会议的召集、召开及表决程序符合《公司法》和《公司章程》的有关规定，会议合法有效。同意票数占出席会议有效表决权股份总数的比例为99.9%，反对票数0股，弃权票数0股。出席本次会议的股东及股东代理人共计若干名，代表公司有表决权的股份总数，占公司有表决权股份总数的比例。审议通过了相关议案，具体内容详见公司同日披露于指定信息披露媒体的公告。
新光圆成股份有限公司董事会
2022年2月11日
